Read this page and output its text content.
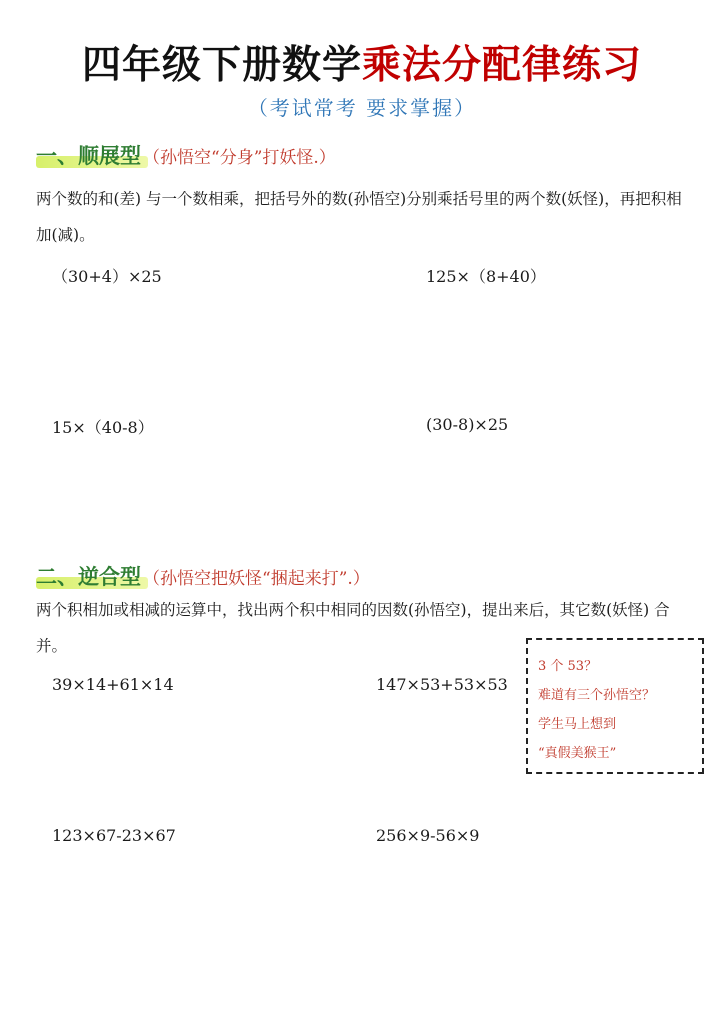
四年级下册数学乘法分配律练习
（考试常考 要求掌握）
一、顺展型 （孙悟空“分身”打妖怪.）
两个数的和(差) 与一个数相乘，把括号外的数(孙悟空)分别乘括号里的两个数(妖怪)，再把积相加(减)。
（30+4）×25	125×（8+40）
15×（40-8）	(30-8)×25
二、逆合型 （孙悟空把妖怪“捆起来打”.）
两个积相加或相减的运算中，找出两个积中相同的因数(孙悟空)，提出来后，其它数(妖怪) 合并。
39×14+61×14	147×53+53×53
123×67-23×67	256×9-56×9
3 个 53？
难道有三个孙悟空？
学生马上想到
“真假美猴王”
